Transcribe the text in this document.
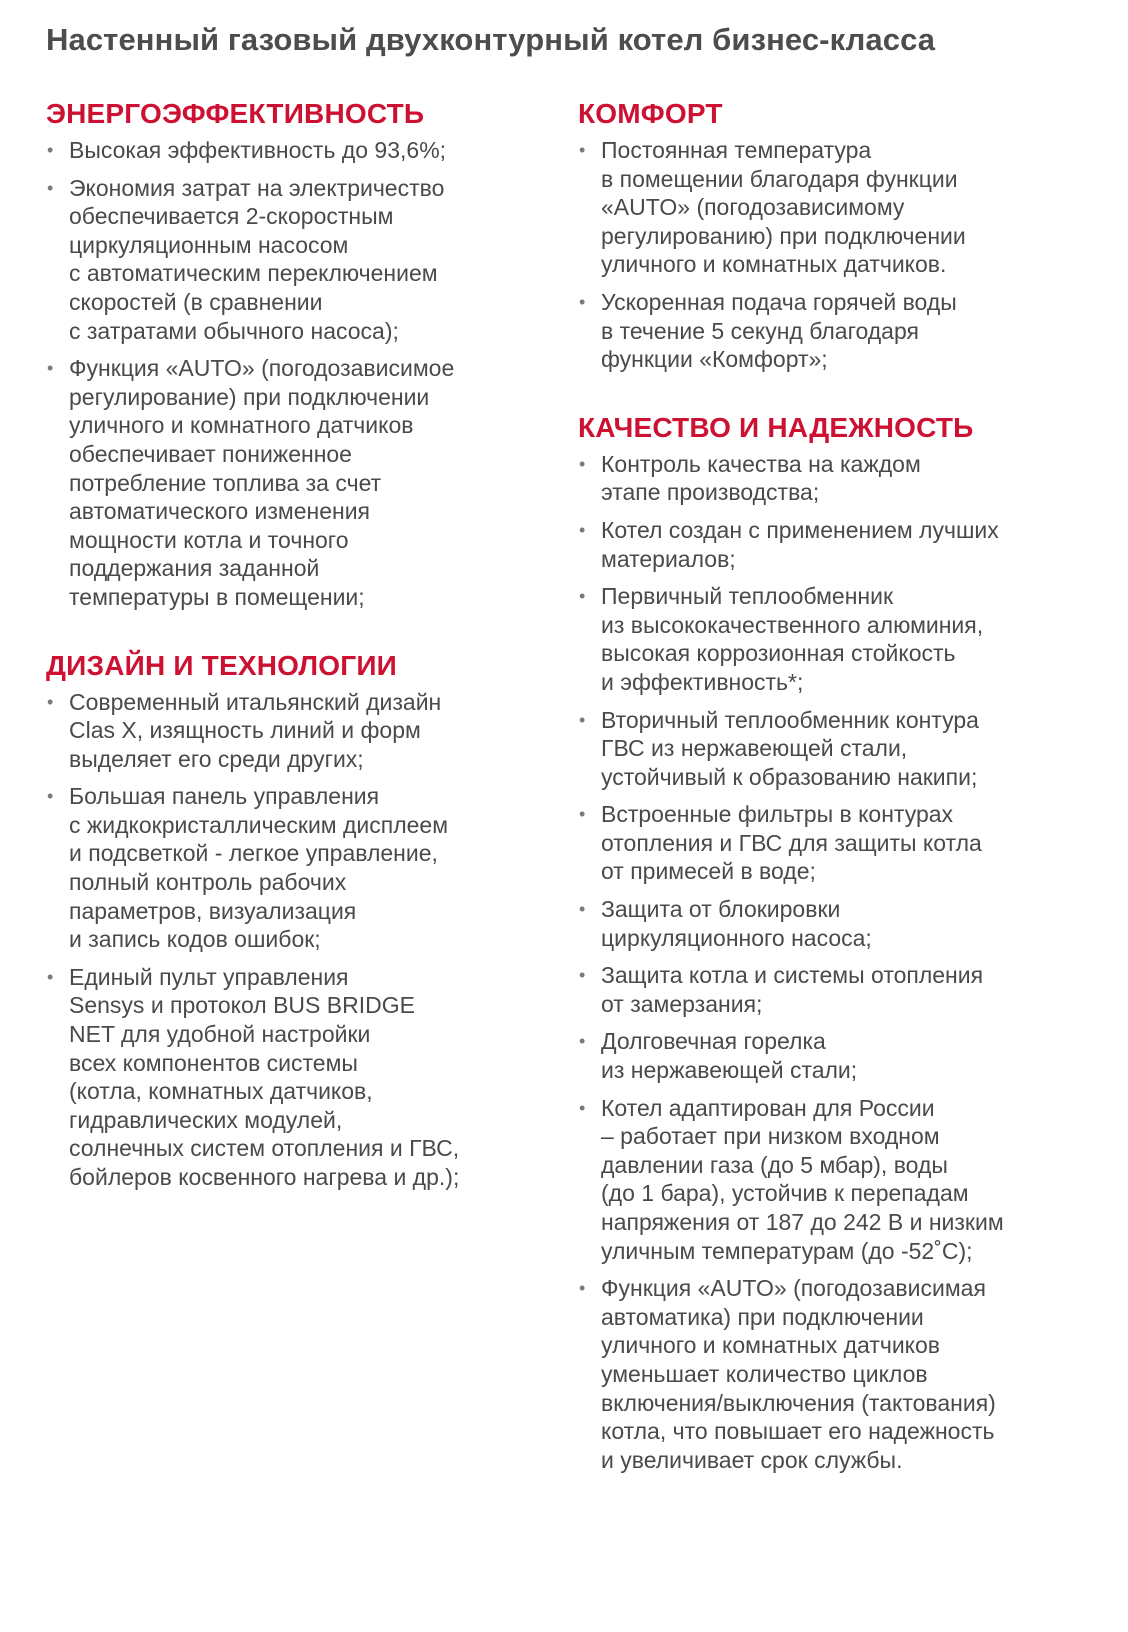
Настенный газовый двухконтурный котел бизнес-класса
ЭНЕРГОЭФФЕКТИВНОСТЬ
• Высокая эффективность до 93,6%;
• Экономия затрат на электричество
обеспечивается 2-скоростным
циркуляционным насосом
с автоматическим переключением
скоростей (в сравнении
с затратами обычного насоса);
• Функция «AUTO» (погодозависимое
регулирование) при подключении
уличного и комнатного датчиков
обеспечивает пониженное
потребление топлива за счет
автоматического изменения
мощности котла и точного
поддержания заданной
температуры в помещении;
ДИЗАЙН И ТЕХНОЛОГИИ
• Современный итальянский дизайн
Clas X, изящность линий и форм
выделяет его среди других;
• Большая панель управления
с жидкокристаллическим дисплеем
и подсветкой - легкое управление,
полный контроль рабочих
параметров, визуализация
и запись кодов ошибок;
• Единый пульт управления
Sensys и протокол BUS BRIDGE
NET для удобной настройки
всех компонентов системы
(котла, комнатных датчиков,
гидравлических модулей,
солнечных систем отопления и ГВС,
бойлеров косвенного нагрева и др.);
КОМФОРТ
• Постоянная температура
в помещении благодаря функции
«AUTO» (погодозависимому
регулированию) при подключении
уличного и комнатных датчиков.
• Ускоренная подача горячей воды
в течение 5 секунд благодаря
функции «Комфорт»;
КАЧЕСТВО И НАДЕЖНОСТЬ
• Контроль качества на каждом
этапе производства;
• Котел создан с применением лучших
материалов;
• Первичный теплообменник
из высококачественного алюминия,
высокая коррозионная стойкость
и эффективность*;
• Вторичный теплообменник контура
ГВС из нержавеющей стали,
устойчивый к образованию накипи;
• Встроенные фильтры в контурах
отопления и ГВС для защиты котла
от примесей в воде;
• Защита от блокировки
циркуляционного насоса;
• Защита котла и системы отопления
от замерзания;
• Долговечная горелка
из нержавеющей стали;
• Котел адаптирован для России
– работает при низком входном
давлении газа (до 5 мбар), воды
(до 1 бара), устойчив к перепадам
напряжения от 187 до 242 В и низким
уличным температурам (до -52˚С);
• Функция «AUTO» (погодозависимая
автоматика) при подключении
уличного и комнатных датчиков
уменьшает количество циклов
включения/выключения (тактования)
котла, что повышает его надежность
и увеличивает срок службы.
